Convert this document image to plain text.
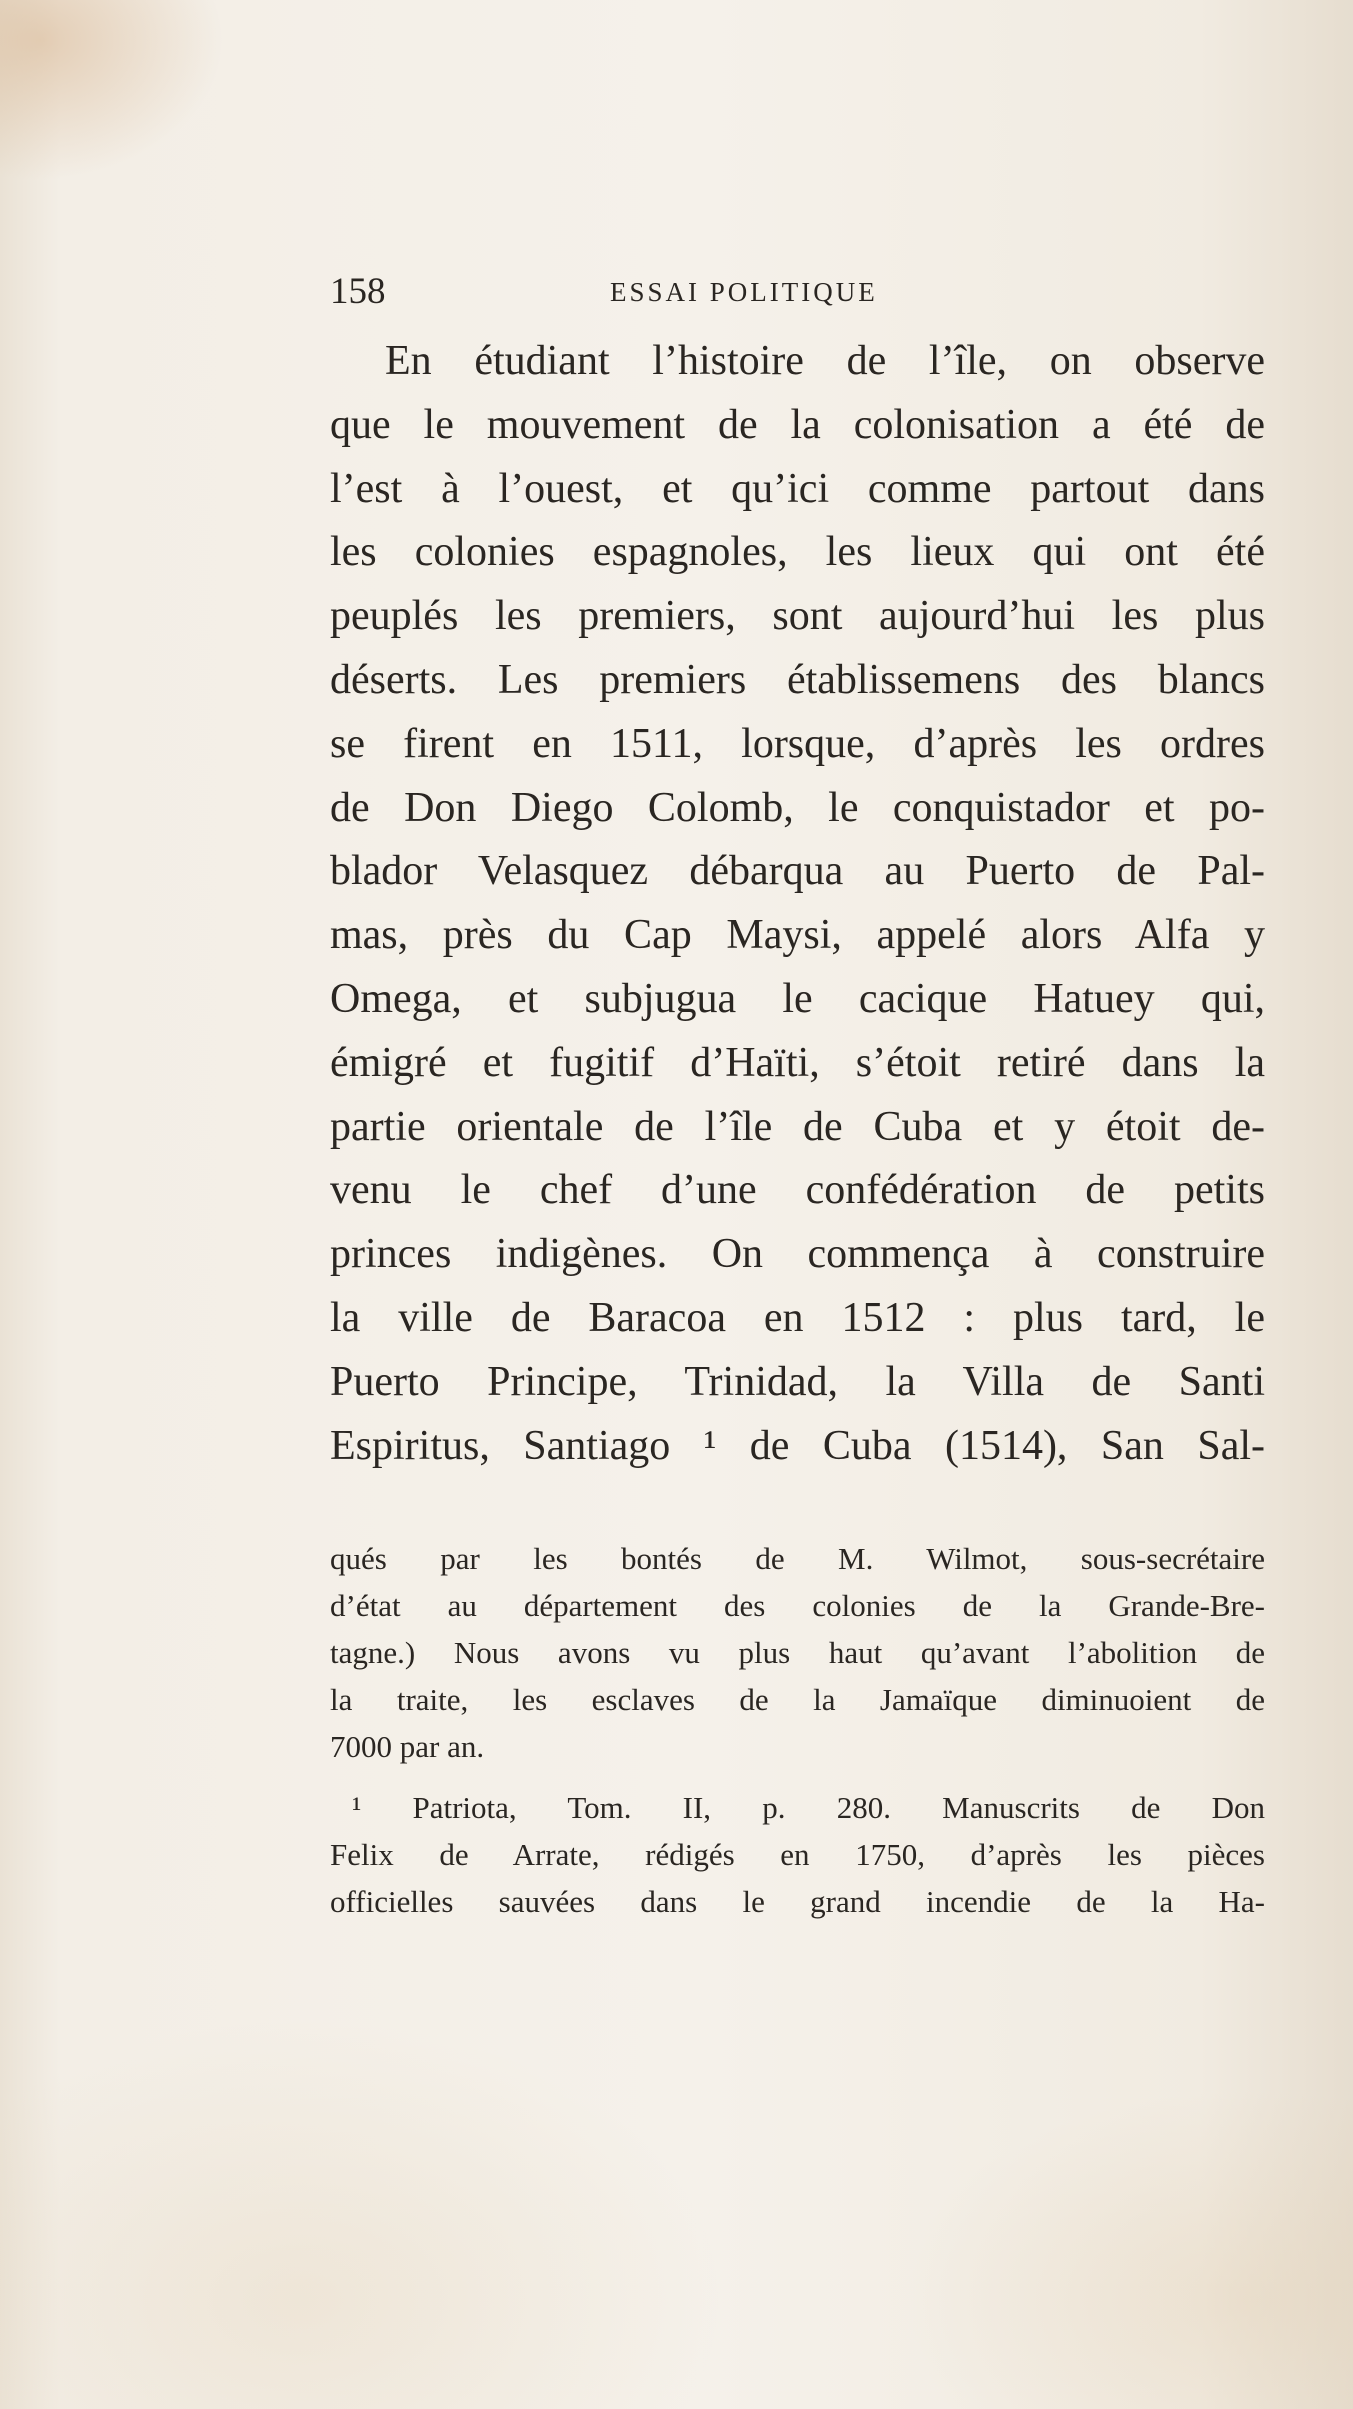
158	ESSAI POLITIQUE
En étudiant l’histoire de l’île, on observe
que le mouvement de la colonisation a été de
l’est à l’ouest, et qu’ici comme partout dans
les colonies espagnoles, les lieux qui ont été
peuplés les premiers, sont aujourd’hui les plus
déserts. Les premiers établissemens des blancs
se firent en 1511, lorsque, d’après les ordres
de Don Diego Colomb, le conquistador et po-
blador Velasquez débarqua au Puerto de Pal-
mas, près du Cap Maysi, appelé alors Alfa y
Omega, et subjugua le cacique Hatuey qui,
émigré et fugitif d’Haïti, s’étoit retiré dans la
partie orientale de l’île de Cuba et y étoit de-
venu le chef d’une confédération de petits
princes indigènes. On commença à construire
la ville de Baracoa en 1512 : plus tard, le
Puerto Principe, Trinidad, la Villa de Santi
Espiritus, Santiago ¹ de Cuba (1514), San Sal-
qués par les bontés de M. Wilmot, sous-secrétaire
d’état au département des colonies de la Grande-Bre-
tagne.) Nous avons vu plus haut qu’avant l’abolition de
la traite, les esclaves de la Jamaïque diminuoient de
7000 par an.
¹ Patriota, Tom. II, p. 280. Manuscrits de Don
Felix de Arrate, rédigés en 1750, d’après les pièces
officielles sauvées dans le grand incendie de la Ha-
